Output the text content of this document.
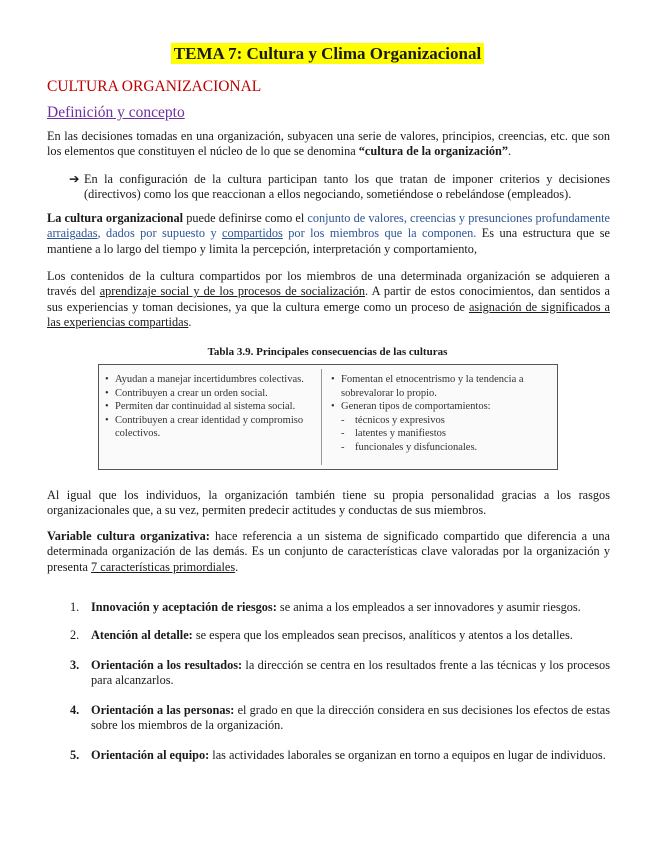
TEMA 7: Cultura y Clima Organizacional
CULTURA ORGANIZACIONAL
Definición y concepto
En las decisiones tomadas en una organización, subyacen una serie de valores, principios, creencias, etc. que son los elementos que constituyen el núcleo de lo que se denomina “cultura de la organización”.
➔ En la configuración de la cultura participan tanto los que tratan de imponer criterios y decisiones (directivos) como los que reaccionan a ellos negociando, sometiéndose o rebelándose (empleados).
La cultura organizacional puede definirse como el conjunto de valores, creencias y presunciones profundamente arraigadas, dados por supuesto y compartidos por los miembros que la componen. Es una estructura que se mantiene a lo largo del tiempo y limita la percepción, interpretación y comportamiento,
Los contenidos de la cultura compartidos por los miembros de una determinada organización se adquieren a través del aprendizaje social y de los procesos de socialización. A partir de estos conocimientos, dan sentidos a sus experiencias y toman decisiones, ya que la cultura emerge como un proceso de asignación de significados a las experiencias compartidas.
Tabla 3.9. Principales consecuencias de las culturas
• Ayudan a manejar incertidumbres colectivas.
• Contribuyen a crear un orden social.
• Permiten dar continuidad al sistema social.
• Contribuyen a crear identidad y compromiso colectivos.
• Fomentan el etnocentrismo y la tendencia a sobrevalorar lo propio.
• Generan tipos de comportamientos:
- técnicos y expresivos
- latentes y manifiestos
- funcionales y disfuncionales.
Al igual que los individuos, la organización también tiene su propia personalidad gracias a los rasgos organizacionales que, a su vez, permiten predecir actitudes y conductas de sus miembros.
Variable cultura organizativa: hace referencia a un sistema de significado compartido que diferencia a una determinada organización de las demás. Es un conjunto de características clave valoradas por la organización y presenta 7 características primordiales.
1. Innovación y aceptación de riesgos: se anima a los empleados a ser innovadores y asumir riesgos.
2. Atención al detalle: se espera que los empleados sean precisos, analíticos y atentos a los detalles.
3. Orientación a los resultados: la dirección se centra en los resultados frente a las técnicas y los procesos para alcanzarlos.
4. Orientación a las personas: el grado en que la dirección considera en sus decisiones los efectos de estas sobre los miembros de la organización.
5. Orientación al equipo: las actividades laborales se organizan en torno a equipos en lugar de individuos.
